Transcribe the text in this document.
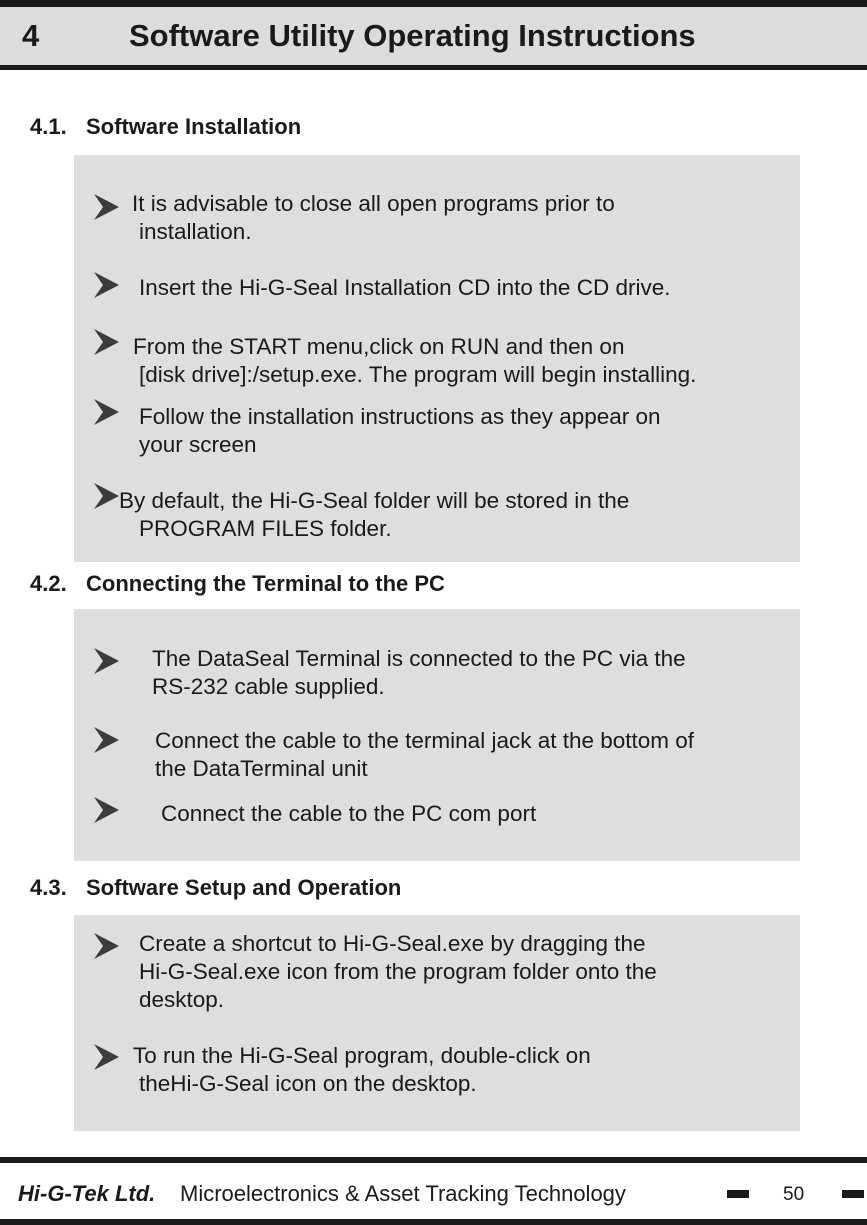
4	Software Utility Operating Instructions
4.1. Software Installation
It is advisable to close all open programs prior to
installation.
Insert the Hi-G-Seal Installation CD into the CD drive.
From the START menu,click on RUN and then on
[disk drive]:/setup.exe. The program will begin installing.
Follow the installation instructions as they appear on
your screen
By default, the Hi-G-Seal folder will be stored in the
PROGRAM FILES folder.
4.2. Connecting the Terminal to the PC
The DataSeal Terminal is connected to the PC via the
RS-232 cable supplied.
Connect the cable to the terminal jack at the bottom of
the DataTerminal unit
Connect the cable to the PC com port
4.3. Software Setup and Operation
Create a shortcut to Hi-G-Seal.exe by dragging the
Hi-G-Seal.exe icon from the program folder onto the
desktop.
To run the Hi-G-Seal program, double-click on
theHi-G-Seal icon on the desktop.
Hi-G-Tek Ltd. Microelectronics & Asset Tracking Technology	50
